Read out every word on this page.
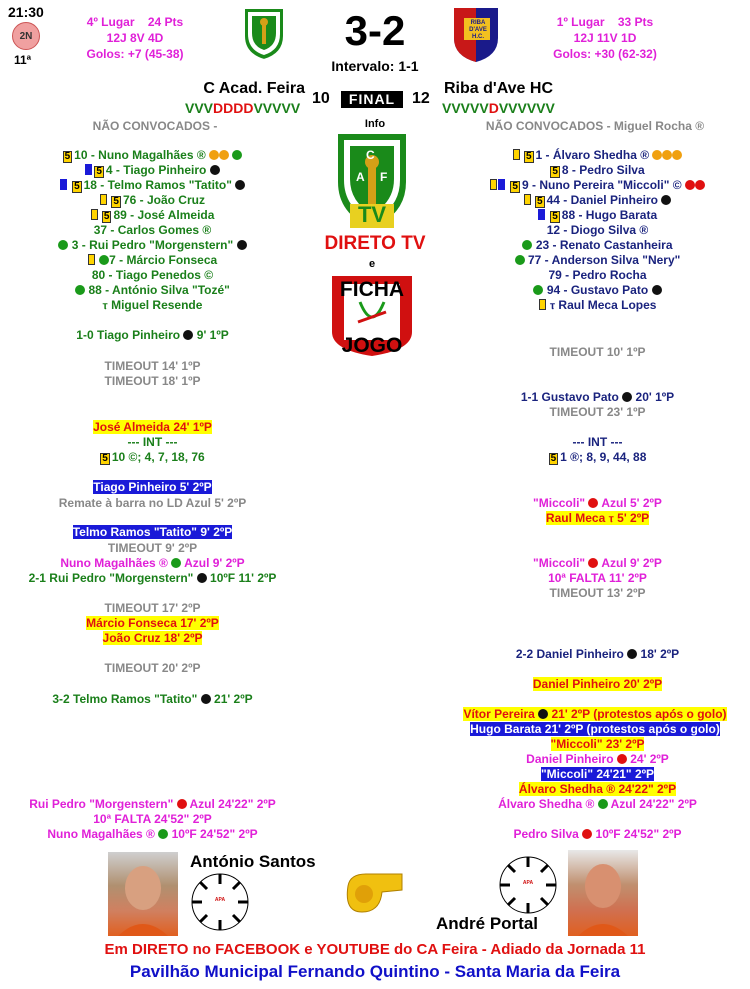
21:30
2N
11ª
4º Lugar 24 Pts
12J 8V 4D
Golos: +7 (45-38)	3-2
Intervalo: 1-1
RIBA
D'AVE
H.C.
1º Lugar 33 Pts
12J 11V 1D
Golos: +30 (62-32)
C Acad. Feira	Riba d'Ave HC
10	FINAL	12
VVVDDDDVVVVV	VVVVVDVVVVVV
NÃO CONVOCADOS -	NÃO CONVOCADOS - Miguel Rocha ®
Info
C
A F
TV
DIRETO TV
e
FICHA
JOGO
5 10 - Nuno Magalhães ®
5 4 - Tiago Pinheiro
5 18 - Telmo Ramos "Tatito"
5 76 - João Cruz
5 89 - José Almeida
37 - Carlos Gomes ®
3 - Rui Pedro "Morgenstern"
7 - Márcio Fonseca
80 - Tiago Penedos ©
88 - António Silva "Tozé"
ⲧ Miguel Resende
5 1 - Álvaro Shedha ®
5 8 - Pedro Silva
5 9 - Nuno Pereira "Miccoli" ©
5 44 - Daniel Pinheiro
5 88 - Hugo Barata
12 - Diogo Silva ®
23 - Renato Castanheira
77 - Anderson Silva "Nery"
79 - Pedro Rocha
94 - Gustavo Pato
ⲧ Raul Meca Lopes
1-0 Tiago Pinheiro 9' 1ºP
TIMEOUT 14' 1ºP
TIMEOUT 18' 1ºP
José Almeida 24' 1ºP
--- INT ---
5 10 ©; 4, 7, 18, 76
Tiago Pinheiro 5' 2ºP
Remate à barra no LD Azul 5' 2ºP
Telmo Ramos "Tatito" 9' 2ºP
TIMEOUT 9' 2ºP
Nuno Magalhães ® Azul 9' 2ºP
2-1 Rui Pedro "Morgenstern" 10ºF 11' 2ºP
TIMEOUT 17' 2ºP
Márcio Fonseca 17' 2ºP
João Cruz 18' 2ºP
TIMEOUT 20' 2ºP
3-2 Telmo Ramos "Tatito" 21' 2ºP
Rui Pedro "Morgenstern" Azul 24'22" 2ºP
10ª FALTA 24'52" 2ºP
Nuno Magalhães ® 10ºF 24'52" 2ºP
TIMEOUT 10' 1ºP
1-1 Gustavo Pato 20' 1ºP
TIMEOUT 23' 1ºP
--- INT ---
5 1 ®; 8, 9, 44, 88
"Miccoli" Azul 5' 2ºP
Raul Meca ⲧ 5' 2ºP
"Miccoli" Azul 9' 2ºP
10ª FALTA 11' 2ºP
TIMEOUT 13' 2ºP
2-2 Daniel Pinheiro 18' 2ºP
Daniel Pinheiro 20' 2ºP
Vítor Pereira 21' 2ºP (protestos após o golo)
Hugo Barata 21' 2ºP (protestos após o golo)
"Miccoli" 23' 2ºP
Daniel Pinheiro 24' 2ºP
"Miccoli" 24'21" 2ºP
Álvaro Shedha ® 24'22" 2ºP
Álvaro Shedha ® Azul 24'22" 2ºP
Pedro Silva 10ºF 24'52" 2ºP
APA
António Santos
APA
André Portal
Em DIRETO no FACEBOOK e YOUTUBE do CA Feira - Adiado da Jornada 11
Pavilhão Municipal Fernando Quintino - Santa Maria da Feira
